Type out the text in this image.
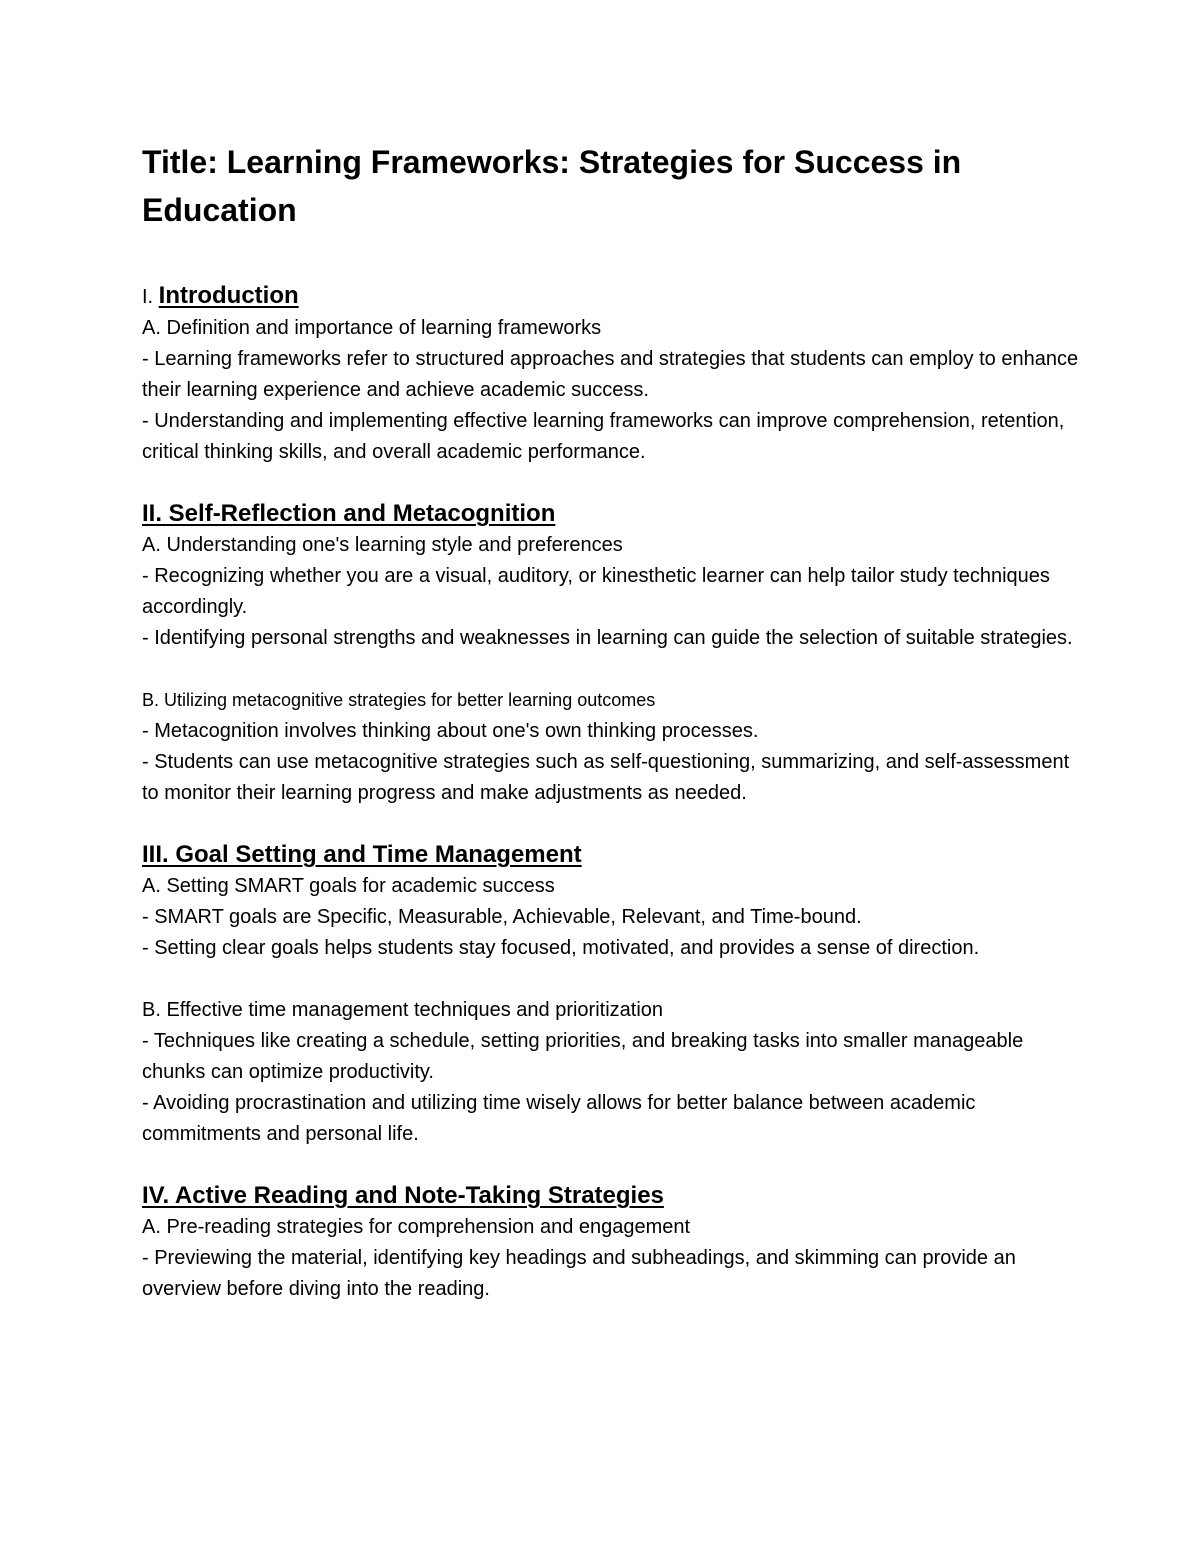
Title: Learning Frameworks: Strategies for Success in Education
I. Introduction

A. Definition and importance of learning frameworks

- Learning frameworks refer to structured approaches and strategies that students can employ to enhance their learning experience and achieve academic success.

- Understanding and implementing effective learning frameworks can improve comprehension, retention, critical thinking skills, and overall academic performance.

II. Self-Reflection and Metacognition

A. Understanding one's learning style and preferences

- Recognizing whether you are a visual, auditory, or kinesthetic learner can help tailor study techniques accordingly.

- Identifying personal strengths and weaknesses in learning can guide the selection of suitable strategies.

B. Utilizing metacognitive strategies for better learning outcomes

- Metacognition involves thinking about one's own thinking processes.

- Students can use metacognitive strategies such as self-questioning, summarizing, and self-assessment to monitor their learning progress and make adjustments as needed.

III. Goal Setting and Time Management

A. Setting SMART goals for academic success

- SMART goals are Specific, Measurable, Achievable, Relevant, and Time-bound.

- Setting clear goals helps students stay focused, motivated, and provides a sense of direction.

B. Effective time management techniques and prioritization

- Techniques like creating a schedule, setting priorities, and breaking tasks into smaller manageable chunks can optimize productivity.

- Avoiding procrastination and utilizing time wisely allows for better balance between academic commitments and personal life.

IV. Active Reading and Note-Taking Strategies

A. Pre-reading strategies for comprehension and engagement

- Previewing the material, identifying key headings and subheadings, and skimming can provide an overview before diving into the reading.
